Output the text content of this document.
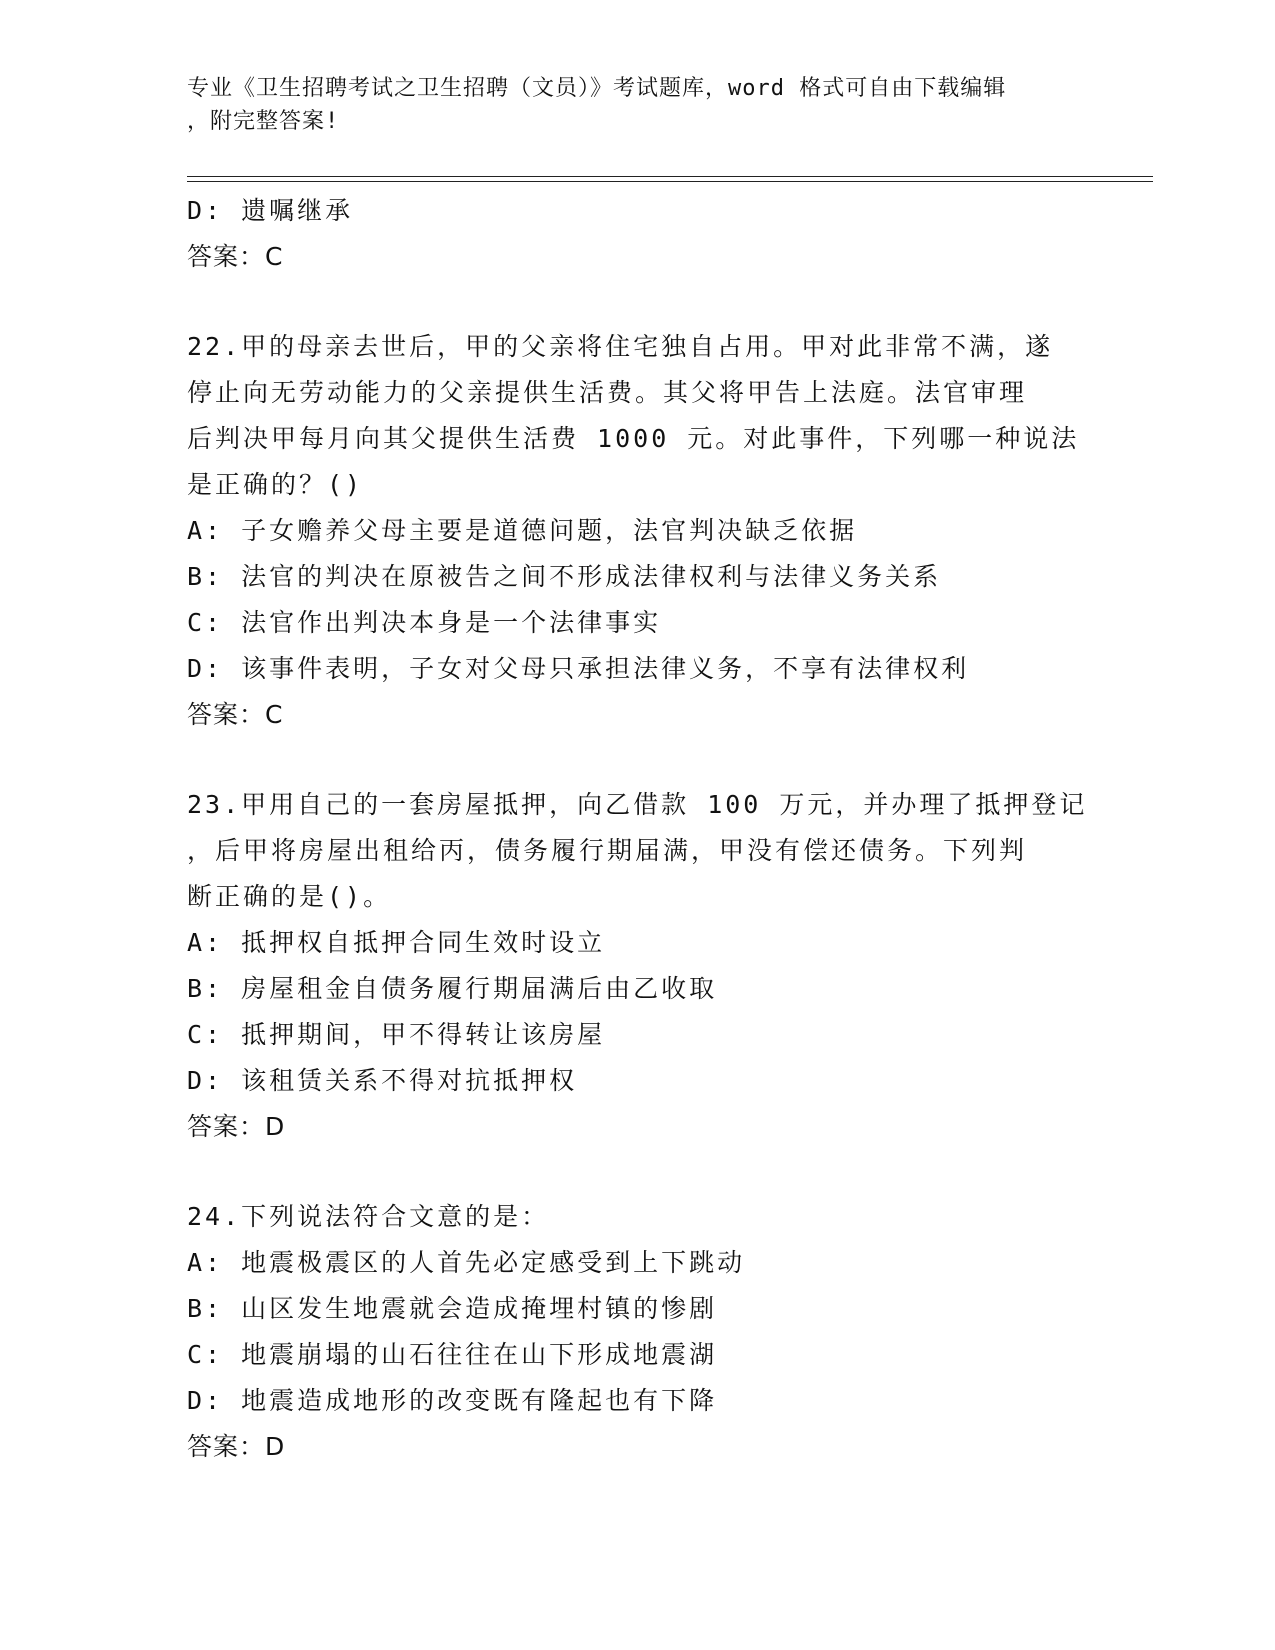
专业《卫生招聘考试之卫生招聘（文员）》考试题库，word 格式可自由下载编辑
，附完整答案!
D: 遗嘱继承
答案：C
22.甲的母亲去世后，甲的父亲将住宅独自占用。甲对此非常不满，遂
停止向无劳动能力的父亲提供生活费。其父将甲告上法庭。法官审理
后判决甲每月向其父提供生活费 1000 元。对此事件，下列哪一种说法
是正确的？()
A: 子女赡养父母主要是道德问题，法官判决缺乏依据
B: 法官的判决在原被告之间不形成法律权利与法律义务关系
C: 法官作出判决本身是一个法律事实
D: 该事件表明，子女对父母只承担法律义务，不享有法律权利
答案：C
23.甲用自己的一套房屋抵押，向乙借款 100 万元，并办理了抵押登记
，后甲将房屋出租给丙，债务履行期届满，甲没有偿还债务。下列判
断正确的是()。
A: 抵押权自抵押合同生效时设立
B: 房屋租金自债务履行期届满后由乙收取
C: 抵押期间，甲不得转让该房屋
D: 该租赁关系不得对抗抵押权
答案：D
24.下列说法符合文意的是：
A: 地震极震区的人首先必定感受到上下跳动
B: 山区发生地震就会造成掩埋村镇的惨剧
C: 地震崩塌的山石往往在山下形成地震湖
D: 地震造成地形的改变既有隆起也有下降
答案：D
